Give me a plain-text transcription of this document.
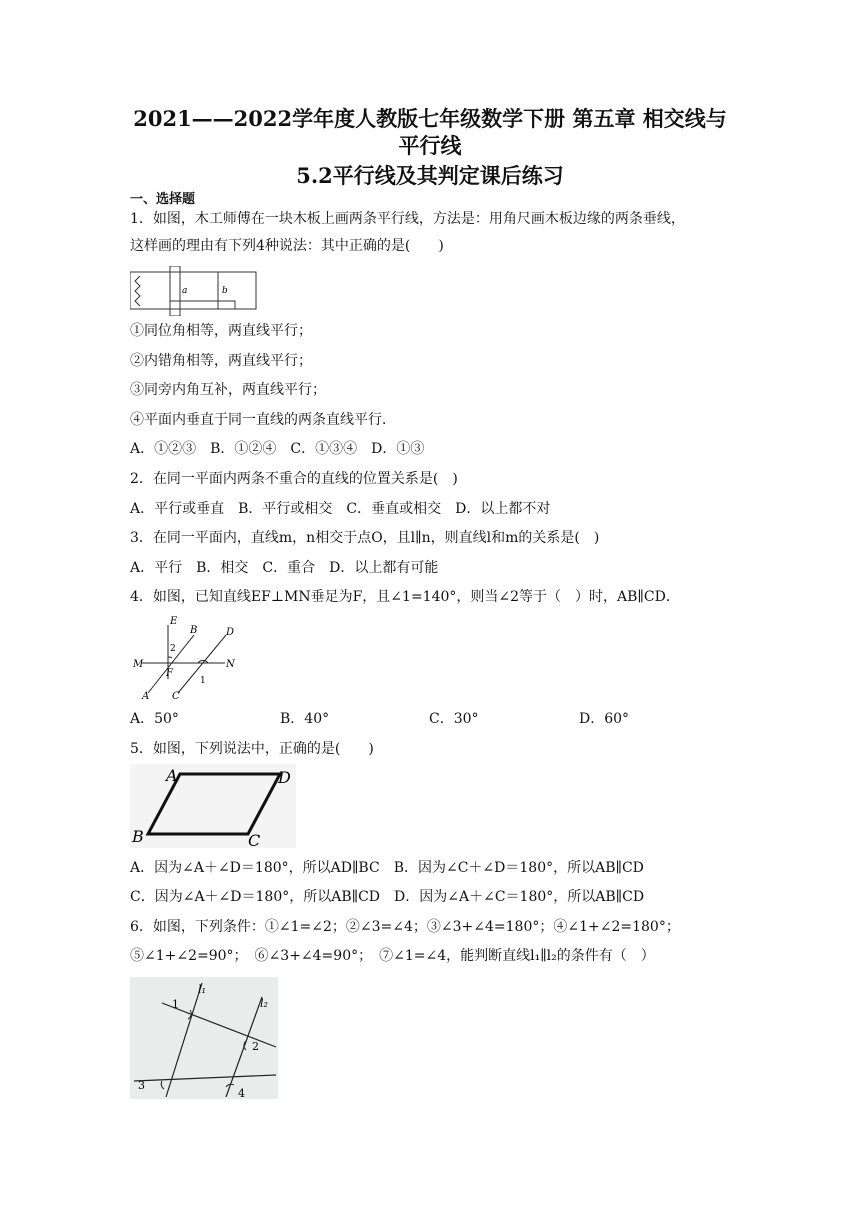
2021——2022学年度人教版七年级数学下册 第五章 相交线与
平行线
5.2平行线及其判定课后练习
一、选择题
1．如图，木工师傅在一块木板上画两条平行线，方法是：用角尺画木板边缘的两条垂线，
这样画的理由有下列4种说法：其中正确的是(　　)
a	b
①同位角相等，两直线平行；
②内错角相等，两直线平行；
③同旁内角互补，两直线平行；
④平面内垂直于同一直线的两条直线平行．
A．①②③　B．①②④　C．①③④　D．①③
2．在同一平面内两条不重合的直线的位置关系是(　)
A．平行或垂直　B．平行或相交　C．垂直或相交　D．以上都不对
3．在同一平面内，直线m，n相交于点O，且l∥n，则直线l和m的关系是(　)
A．平行　B．相交　C．重合　D．以上都有可能
4．如图，已知直线EF⊥MN垂足为F，且∠1=140°，则当∠2等于（　）时，AB∥CD．
E
B	D
M	N
F
A C
1
2
A．50°	B．40°	C．30°	D．60°
5．如图，下列说法中，正确的是(　　)
A	D
B	C
A．因为∠A＋∠D＝180°，所以AD∥BC　B．因为∠C＋∠D＝180°，所以AB∥CD
C．因为∠A＋∠D＝180°，所以AB∥CD　D．因为∠A＋∠C＝180°，所以AB∥CD
6．如图，下列条件：①∠1=∠2；②∠3=∠4；③∠3+∠4=180°；④∠1+∠2=180°；
⑤∠1+∠2=90°；　⑥∠3+∠4=90°；　⑦∠1=∠4，能判断直线l₁∥l₂的条件有（　）
l₁
l₂
1
2
3
4
